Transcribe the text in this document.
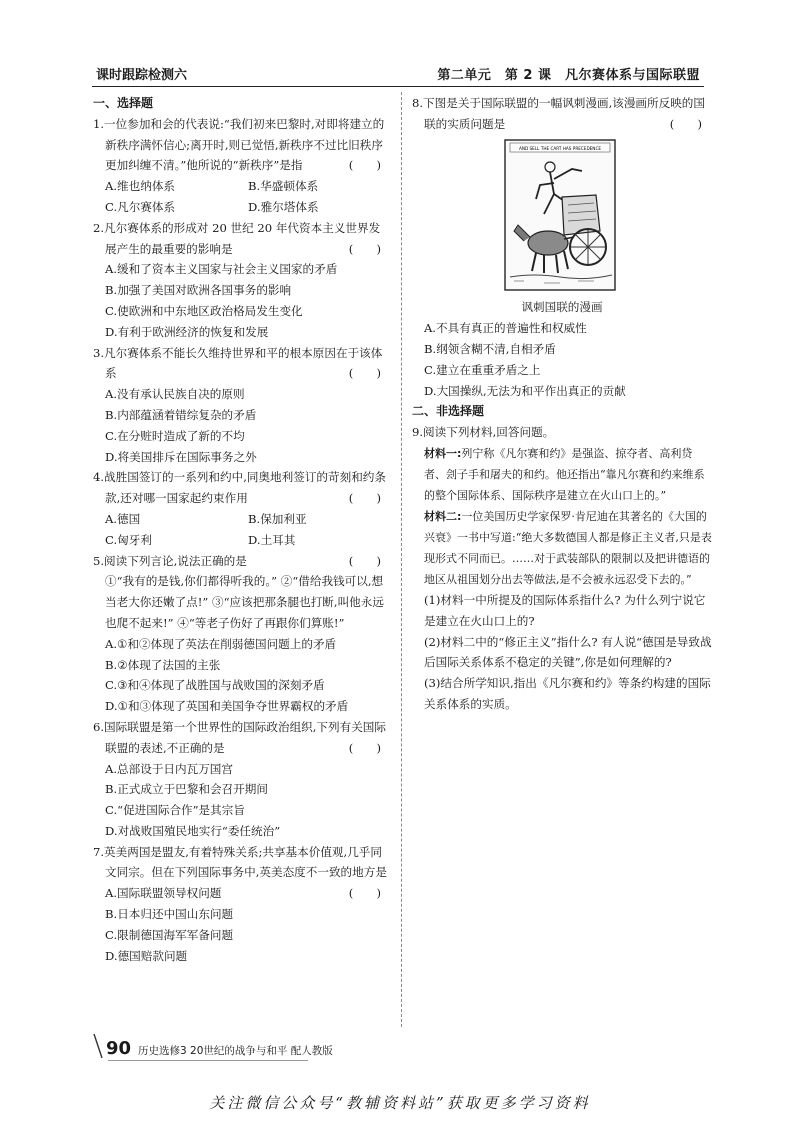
课时跟踪检测六	第二单元　第 2 课　凡尔赛体系与国际联盟
一、选择题
1.一位参加和会的代表说:“我们初来巴黎时,对即将建立的新秩序满怀信心;离开时,则已觉悟,新秩序不过比旧秩序更加纠缠不清。”他所说的“新秩序”是指	(　　)
A.维也纳体系	B.华盛顿体系
C.凡尔赛体系	D.雅尔塔体系
2.凡尔赛体系的形成对 20 世纪 20 年代资本主义世界发展产生的最重要的影响是	(　　)
A.缓和了资本主义国家与社会主义国家的矛盾
B.加强了美国对欧洲各国事务的影响
C.使欧洲和中东地区政治格局发生变化
D.有利于欧洲经济的恢复和发展
3.凡尔赛体系不能长久维持世界和平的根本原因在于该体系	(　　)
A.没有承认民族自决的原则
B.内部蕴涵着错综复杂的矛盾
C.在分赃时造成了新的不均
D.将美国排斥在国际事务之外
4.战胜国签订的一系列和约中,同奥地利签订的苛刻和约条款,还对哪一国家起约束作用	(　　)
A.德国	B.保加利亚
C.匈牙利	D.土耳其
5.阅读下列言论,说法正确的是	(　　)
①“我有的是钱,你们都得听我的。” ②“借给我钱可以,想当老大你还嫩了点!” ③“应该把那条腿也打断,叫他永远也爬不起来!” ④“等老子伤好了再跟你们算账!”
A.①和②体现了英法在削弱德国问题上的矛盾
B.②体现了法国的主张
C.③和④体现了战胜国与战败国的深刻矛盾
D.①和③体现了英国和美国争夺世界霸权的矛盾
6.国际联盟是第一个世界性的国际政治组织,下列有关国际联盟的表述,不正确的是	(　　)
A.总部设于日内瓦万国宫
B.正式成立于巴黎和会召开期间
C.“促进国际合作”是其宗旨
D.对战败国殖民地实行“委任统治”
7.英美两国是盟友,有着特殊关系;共享基本价值观,几乎同文同宗。但在下列国际事务中,英美态度不一致的地方是
(　　)
A.国际联盟领导权问题
B.日本归还中国山东问题
C.限制德国海军军备问题
D.德国赔款问题
8.下图是关于国际联盟的一幅讽刺漫画,该漫画所反映的国联的实质问题是	(　　)
AND SELL THE CART HAS PRECEDENCE
讽刺国联的漫画
A.不具有真正的普遍性和权威性
B.纲领含糊不清,自相矛盾
C.建立在重重矛盾之上
D.大国操纵,无法为和平作出真正的贡献
二、非选择题
9.阅读下列材料,回答问题。
材料一:列宁称《凡尔赛和约》是强盗、掠夺者、高利贷者、刽子手和屠夫的和约。他还指出“靠凡尔赛和约来维系的整个国际体系、国际秩序是建立在火山口上的。”
材料二:一位美国历史学家保罗·肯尼迪在其著名的《大国的兴衰》一书中写道:“绝大多数德国人都是修正主义者,只是表现形式不同而已。……对于武装部队的限制以及把讲德语的地区从祖国划分出去等做法,是不会被永远忍受下去的。”
(1)材料一中所提及的国际体系指什么? 为什么列宁说它是建立在火山口上的?
(2)材料二中的“修正主义”指什么? 有人说“德国是导致战后国际关系体系不稳定的关键”,你是如何理解的?
(3)结合所学知识,指出《凡尔赛和约》等条约构建的国际关系体系的实质。
90 历史选修3 20世纪的战争与和平 配人教版
关注微信公众号“教辅资料站”获取更多学习资料
